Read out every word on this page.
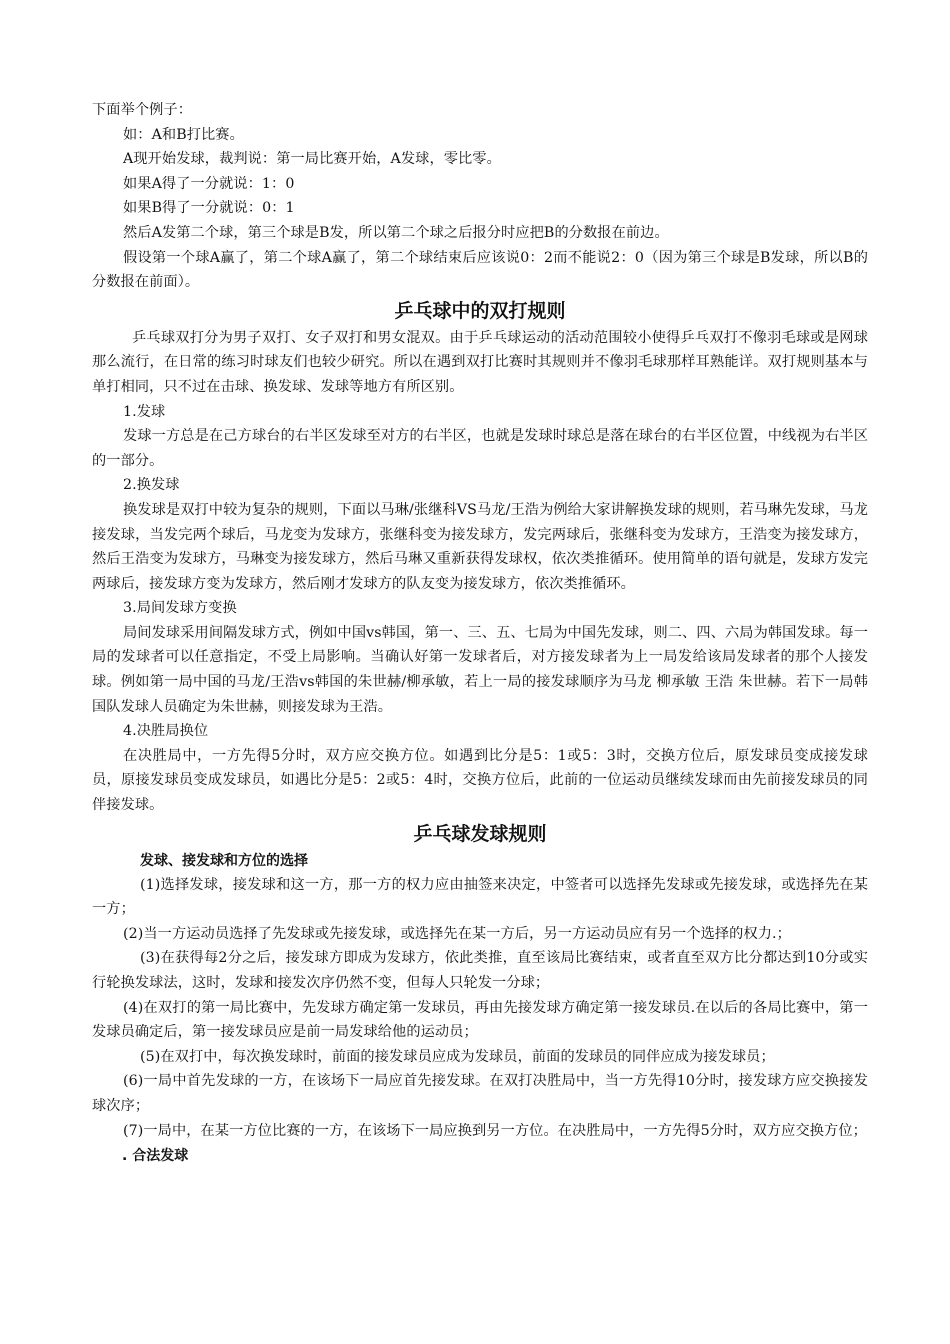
下面举个例子：

如：A和B打比赛。

A现开始发球，裁判说：第一局比赛开始，A发球，零比零。

如果A得了一分就说：1：0

如果B得了一分就说：0：1

然后A发第二个球，第三个球是B发，所以第二个球之后报分时应把B的分数报在前边。

假设第一个球A赢了，第二个球A赢了，第二个球结束后应该说0：2而不能说2：0（因为第三个球是B发球，所以B的分数报在前面）。

乒乓球中的双打规则

乒乓球双打分为男子双打、女子双打和男女混双。由于乒乓球运动的活动范围较小使得乒乓双打不像羽毛球或是网球那么流行，在日常的练习时球友们也较少研究。所以在遇到双打比赛时其规则并不像羽毛球那样耳熟能详。双打规则基本与单打相同，只不过在击球、换发球、发球等地方有所区别。

1.发球

发球一方总是在己方球台的右半区发球至对方的右半区，也就是发球时球总是落在球台的右半区位置，中线视为右半区的一部分。

2.换发球

换发球是双打中较为复杂的规则，下面以马琳/张继科VS马龙/王浩为例给大家讲解换发球的规则，若马琳先发球，马龙接发球，当发完两个球后，马龙变为发球方，张继科变为接发球方，发完两球后，张继科变为发球方，王浩变为接发球方，然后王浩变为发球方，马琳变为接发球方，然后马琳又重新获得发球权，依次类推循环。使用简单的语句就是，发球方发完两球后，接发球方变为发球方，然后刚才发球方的队友变为接发球方，依次类推循环。

3.局间发球方变换

局间发球采用间隔发球方式，例如中国vs韩国，第一、三、五、七局为中国先发球，则二、四、六局为韩国发球。每一局的发球者可以任意指定，不受上局影响。当确认好第一发球者后，对方接发球者为上一局发给该局发球者的那个人接发球。例如第一局中国的马龙/王浩vs韩国的朱世赫/柳承敏，若上一局的接发球顺序为马龙 柳承敏 王浩 朱世赫。若下一局韩国队发球人员确定为朱世赫，则接发球为王浩。

4.决胜局换位

在决胜局中，一方先得5分时，双方应交换方位。如遇到比分是5：1或5：3时，交换方位后，原发球员变成接发球员，原接发球员变成发球员，如遇比分是5：2或5：4时，交换方位后，此前的一位运动员继续发球而由先前接发球员的同伴接发球。

乒乓球发球规则

发球、接发球和方位的选择

(1)选择发球，接发球和这一方，那一方的权力应由抽签来决定，中签者可以选择先发球或先接发球，或选择先在某一方；

(2)当一方运动员选择了先发球或先接发球，或选择先在某一方后，另一方运动员应有另一个选择的权力.；

(3)在获得每2分之后，接发球方即成为发球方，依此类推，直至该局比赛结束，或者直至双方比分都达到10分或实行轮换发球法，这时，发球和接发次序仍然不变，但每人只轮发一分球；

(4)在双打的第一局比赛中，先发球方确定第一发球员，再由先接发球方确定第一接发球员.在以后的各局比赛中，第一发球员确定后，第一接发球员应是前一局发球给他的运动员；

(5)在双打中，每次换发球时，前面的接发球员应成为发球员，前面的发球员的同伴应成为接发球员；

(6)一局中首先发球的一方，在该场下一局应首先接发球。在双打决胜局中，当一方先得10分时，接发球方应交换接发球次序；

(7)一局中，在某一方位比赛的一方，在该场下一局应换到另一方位。在决胜局中，一方先得5分时，双方应交换方位；

. 合法发球
